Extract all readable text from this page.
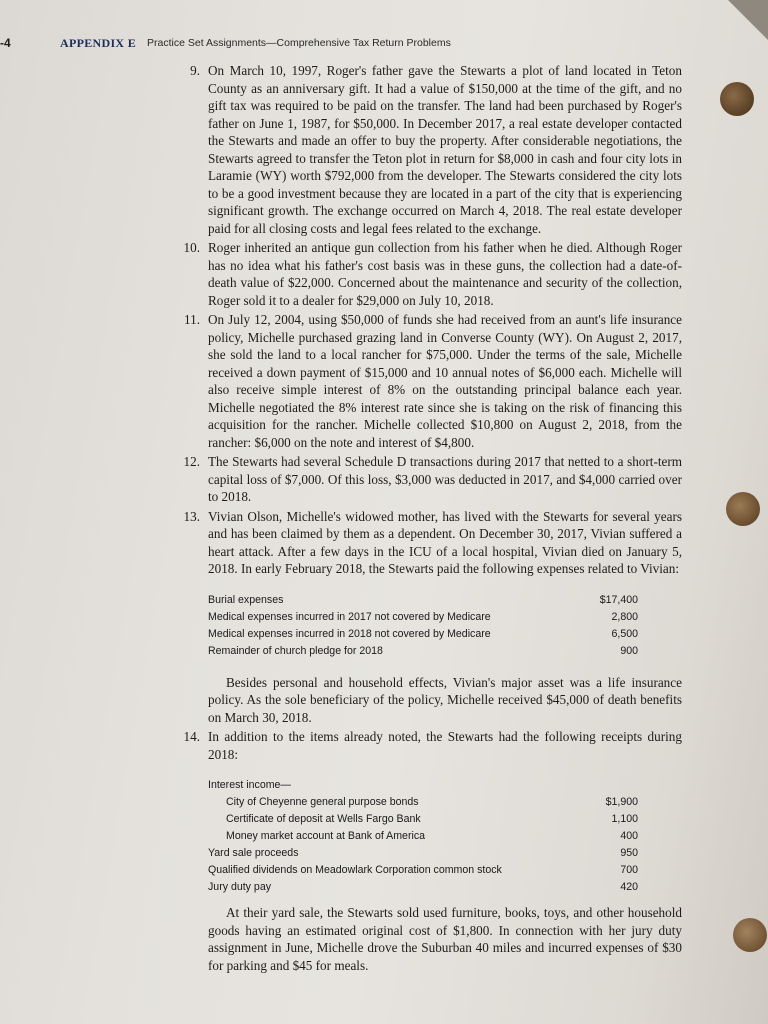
-4	APPENDIX E Practice Set Assignments—Comprehensive Tax Return Problems
9. On March 10, 1997, Roger's father gave the Stewarts a plot of land located in Teton County as an anniversary gift. It had a value of $150,000 at the time of the gift, and no gift tax was required to be paid on the transfer. The land had been purchased by Roger's father on June 1, 1987, for $50,000. In December 2017, a real estate developer contacted the Stewarts and made an offer to buy the property. After considerable negotiations, the Stewarts agreed to transfer the Teton plot in return for $8,000 in cash and four city lots in Laramie (WY) worth $792,000 from the developer. The Stewarts considered the city lots to be a good investment because they are located in a part of the city that is experiencing significant growth. The exchange occurred on March 4, 2018. The real estate developer paid for all closing costs and legal fees related to the exchange.
10. Roger inherited an antique gun collection from his father when he died. Although Roger has no idea what his father's cost basis was in these guns, the collection had a date-of-death value of $22,000. Concerned about the maintenance and security of the collection, Roger sold it to a dealer for $29,000 on July 10, 2018.
11. On July 12, 2004, using $50,000 of funds she had received from an aunt's life insurance policy, Michelle purchased grazing land in Converse County (WY). On August 2, 2017, she sold the land to a local rancher for $75,000. Under the terms of the sale, Michelle received a down payment of $15,000 and 10 annual notes of $6,000 each. Michelle will also receive simple interest of 8% on the outstanding principal balance each year. Michelle negotiated the 8% interest rate since she is taking on the risk of financing this acquisition for the rancher. Michelle collected $10,800 on August 2, 2018, from the rancher: $6,000 on the note and interest of $4,800.
12. The Stewarts had several Schedule D transactions during 2017 that netted to a short-term capital loss of $7,000. Of this loss, $3,000 was deducted in 2017, and $4,000 carried over to 2018.
13. Vivian Olson, Michelle's widowed mother, has lived with the Stewarts for several years and has been claimed by them as a dependent. On December 30, 2017, Vivian suffered a heart attack. After a few days in the ICU of a local hospital, Vivian died on January 5, 2018. In early February 2018, the Stewarts paid the following expenses related to Vivian:
Burial expenses	$17,400
Medical expenses incurred in 2017 not covered by Medicare	2,800
Medical expenses incurred in 2018 not covered by Medicare	6,500
Remainder of church pledge for 2018	900
Besides personal and household effects, Vivian's major asset was a life insurance policy. As the sole beneficiary of the policy, Michelle received $45,000 of death benefits on March 30, 2018.
14. In addition to the items already noted, the Stewarts had the following receipts during 2018:
Interest income—
City of Cheyenne general purpose bonds	$1,900
Certificate of deposit at Wells Fargo Bank	1,100
Money market account at Bank of America	400
Yard sale proceeds	950
Qualified dividends on Meadowlark Corporation common stock	700
Jury duty pay	420
At their yard sale, the Stewarts sold used furniture, books, toys, and other household goods having an estimated original cost of $1,800. In connection with her jury duty assignment in June, Michelle drove the Suburban 40 miles and incurred expenses of $30 for parking and $45 for meals.
